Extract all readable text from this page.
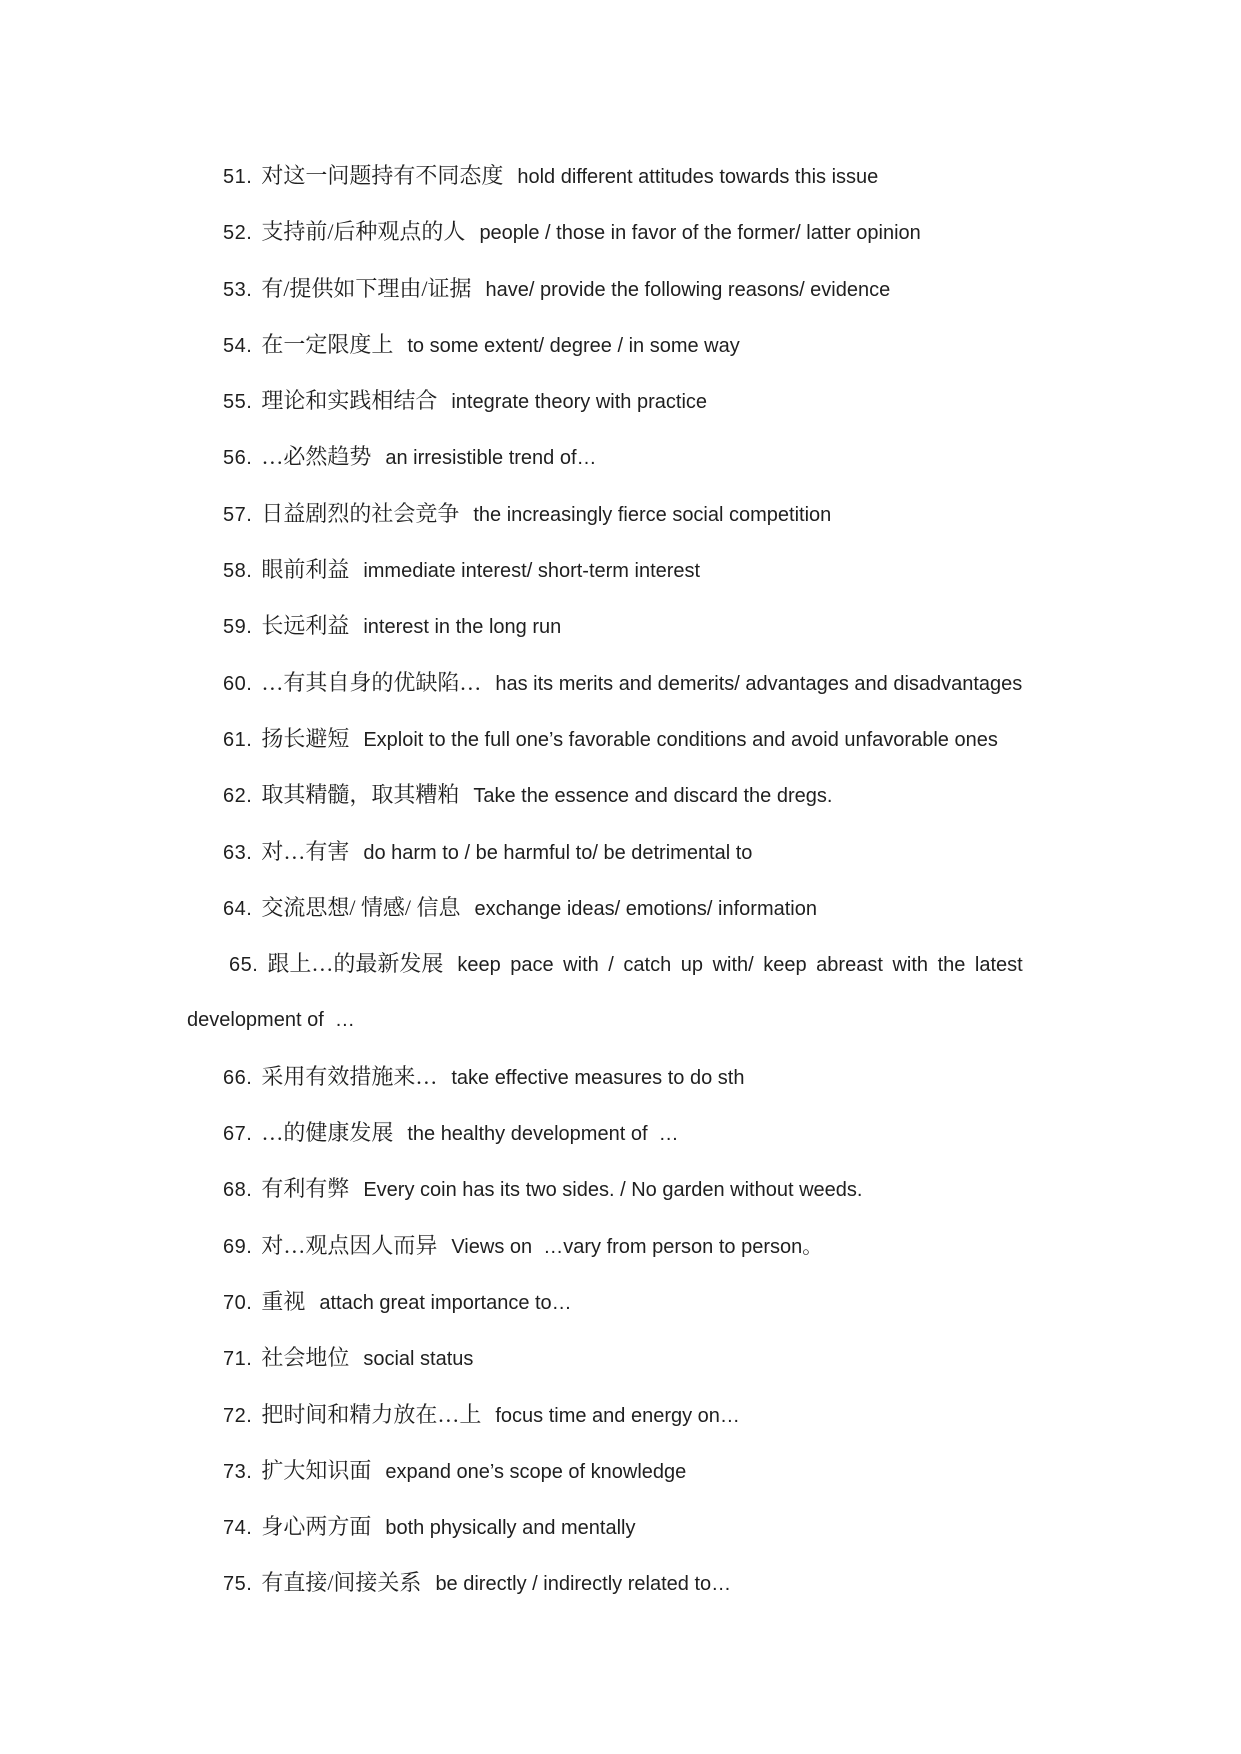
51. 对这一问题持有不同态度 hold different attitudes towards this issue
52. 支持前/后种观点的人 people / those in favor of the former/ latter opinion
53. 有/提供如下理由/证据 have/ provide the following reasons/ evidence
54. 在一定限度上 to some extent/ degree / in some way
55. 理论和实践相结合 integrate theory with practice
56. …必然趋势 an irresistible trend of…
57. 日益剧烈的社会竞争 the increasingly fierce social competition
58. 眼前利益 immediate interest/ short-term interest
59. 长远利益 interest in the long run
60. …有其自身的优缺陷… has its merits and demerits/ advantages and disadvantages
61. 扬长避短 Exploit to the full one’s favorable conditions and avoid unfavorable ones
62. 取其精髓，取其糟粕 Take the essence and discard the dregs.
63. 对…有害 do harm to / be harmful to/ be detrimental to
64. 交流思想/ 情感/ 信息 exchange ideas/ emotions/ information
65. 跟上…的最新发展 keep pace with / catch up with/ keep abreast with the latest
development of  …
66. 采用有效措施来… take effective measures to do sth
67. …的健康发展 the healthy development of  …
68. 有利有弊 Every coin has its two sides. / No garden without weeds.
69. 对…观点因人而异 Views on  …vary from person to person。
70. 重视 attach great importance to…
71. 社会地位 social status
72. 把时间和精力放在…上 focus time and energy on…
73. 扩大知识面 expand one’s scope of knowledge
74. 身心两方面 both physically and mentally
75. 有直接/间接关系 be directly / indirectly related to…
